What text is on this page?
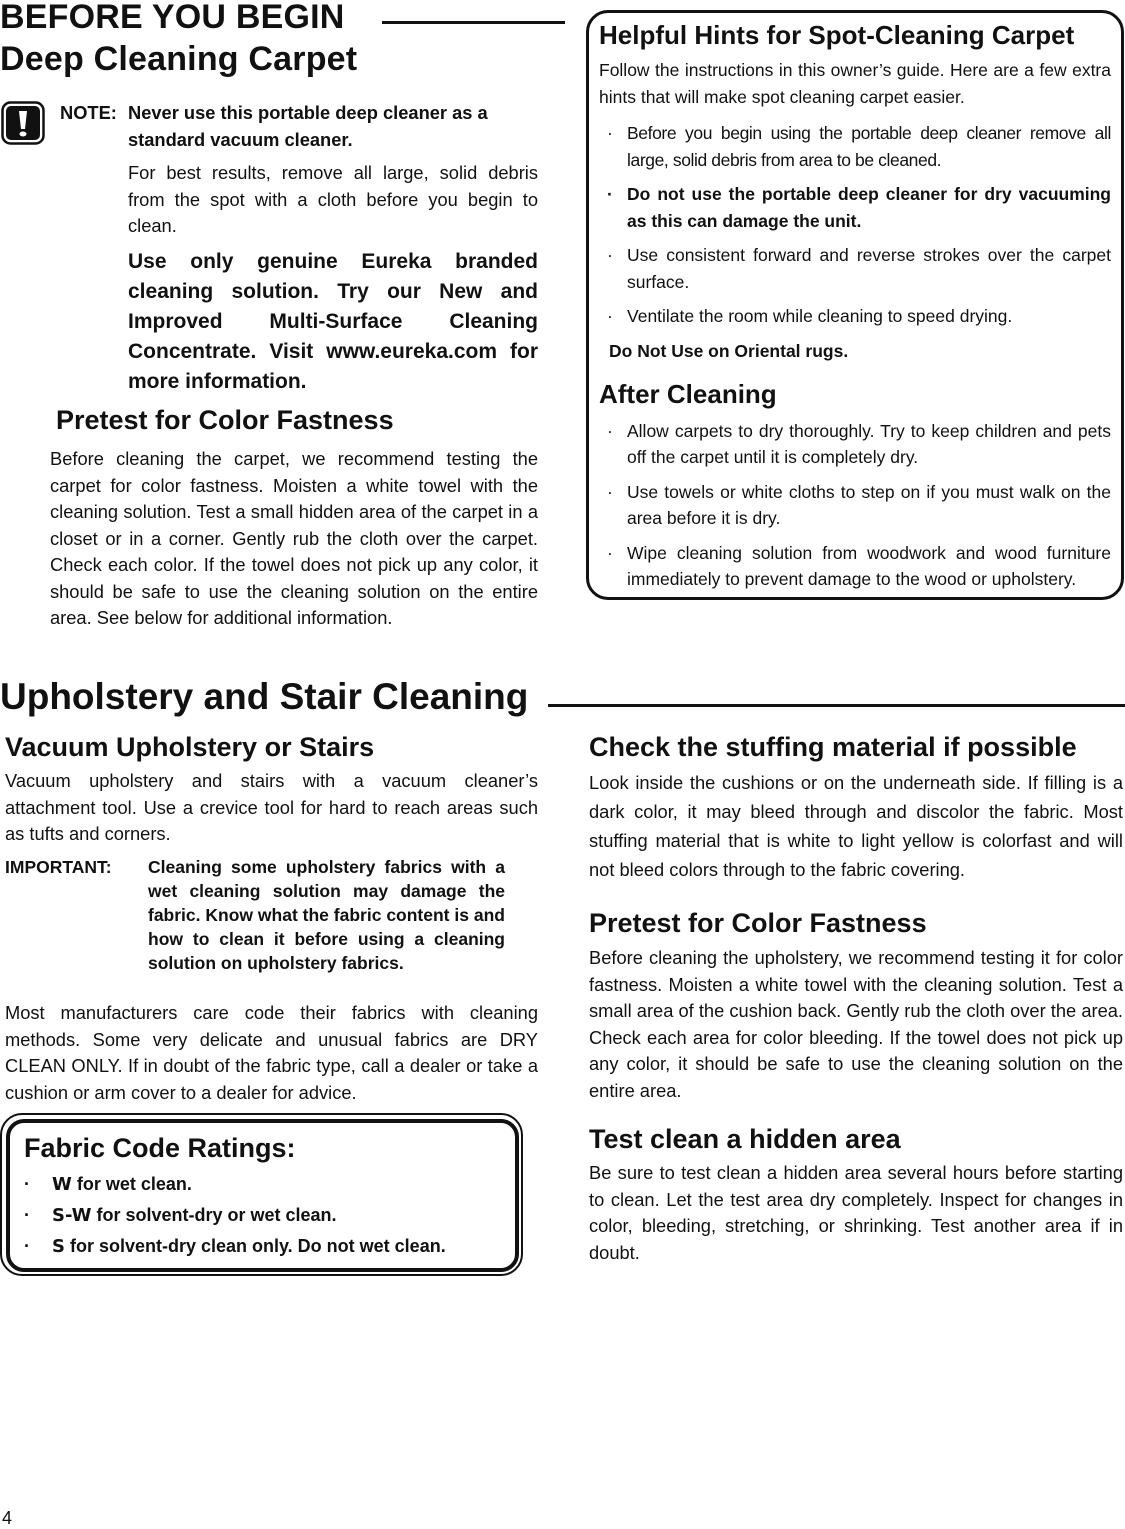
BEFORE YOU BEGIN
Deep Cleaning Carpet
NOTE: Never use this portable deep cleaner as a standard vacuum cleaner.

For best results, remove all large, solid debris from the spot with a cloth before you begin to clean.

Use only genuine Eureka branded cleaning solution. Try our New and Improved Multi-Surface Cleaning Concentrate. Visit www.eureka.com for more information.

Pretest for Color Fastness

Before cleaning the carpet, we recommend testing the carpet for color fastness. Moisten a white towel with the cleaning solution. Test a small hidden area of the carpet in a closet or in a corner. Gently rub the cloth over the carpet. Check each color. If the towel does not pick up any color, it should be safe to use the cleaning solution on the entire area. See below for additional information.

Helpful Hints for Spot-Cleaning Carpet

Follow the instructions in this owner’s guide. Here are a few extra hints that will make spot cleaning carpet easier.

· Before you begin using the portable deep cleaner remove all large, solid debris from area to be cleaned.
· Do not use the portable deep cleaner for dry vacuuming as this can damage the unit.
· Use consistent forward and reverse strokes over the carpet surface.
· Ventilate the room while cleaning to speed drying.
Do Not Use on Oriental rugs.
After Cleaning
· Allow carpets to dry thoroughly. Try to keep children and pets off the carpet until it is completely dry.
· Use towels or white cloths to step on if you must walk on the area before it is dry.
· Wipe cleaning solution from woodwork and wood furniture immediately to prevent damage to the wood or upholstery.
Upholstery and Stair Cleaning
Vacuum Upholstery or Stairs

Vacuum upholstery and stairs with a vacuum cleaner’s attachment tool. Use a crevice tool for hard to reach areas such as tufts and corners.

IMPORTANT: Cleaning some upholstery fabrics with a wet cleaning solution may damage the fabric. Know what the fabric content is and how to clean it before using a cleaning solution on upholstery fabrics.

Most manufacturers care code their fabrics with cleaning methods. Some very delicate and unusual fabrics are DRY CLEAN ONLY. If in doubt of the fabric type, call a dealer or take a cushion or arm cover to a dealer for advice.

Fabric Code Ratings:
· W for wet clean.
· S-W for solvent-dry or wet clean.
· S for solvent-dry clean only. Do not wet clean.
Check the stuffing material if possible

Look inside the cushions or on the underneath side. If filling is a dark color, it may bleed through and discolor the fabric. Most stuffing material that is white to light yellow is colorfast and will not bleed colors through to the fabric covering.

Pretest for Color Fastness

Before cleaning the upholstery, we recommend testing it for color fastness. Moisten a white towel with the cleaning solution. Test a small area of the cushion back. Gently rub the cloth over the area. Check each area for color bleeding. If the towel does not pick up any color, it should be safe to use the cleaning solution on the entire area.

Test clean a hidden area

Be sure to test clean a hidden area several hours before starting to clean. Let the test area dry completely. Inspect for changes in color, bleeding, stretching, or shrinking. Test another area if in doubt.

4
